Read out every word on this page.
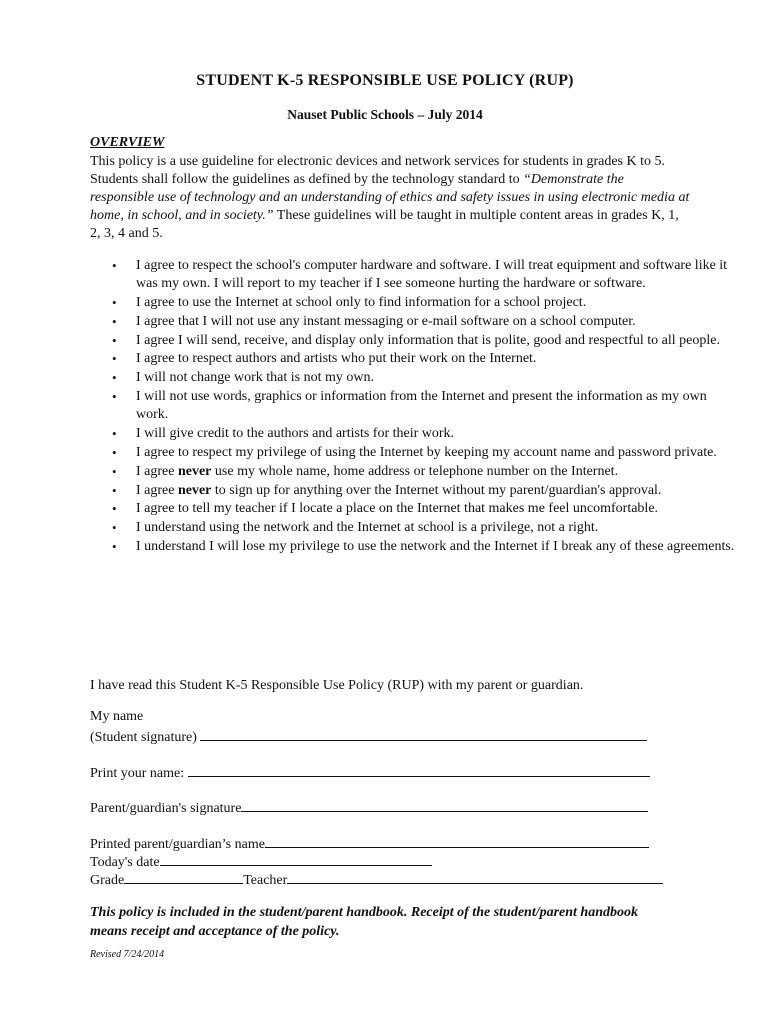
STUDENT K-5 RESPONSIBLE USE POLICY (RUP)
Nauset Public Schools – July 2014
OVERVIEW
This policy is a use guideline for electronic devices and network services for students in grades K to 5. Students shall follow the guidelines as defined by the technology standard to “Demonstrate the responsible use of technology and an understanding of ethics and safety issues in using electronic media at home, in school, and in society.” These guidelines will be taught in multiple content areas in grades K, 1, 2, 3, 4 and 5.
• I agree to respect the school's computer hardware and software. I will treat equipment and software like it was my own. I will report to my teacher if I see someone hurting the hardware or software.
• I agree to use the Internet at school only to find information for a school project.
• I agree that I will not use any instant messaging or e-mail software on a school computer.
• I agree I will send, receive, and display only information that is polite, good and respectful to all people.
• I agree to respect authors and artists who put their work on the Internet.
• I will not change work that is not my own.
• I will not use words, graphics or information from the Internet and present the information as my own work.
• I will give credit to the authors and artists for their work.
• I agree to respect my privilege of using the Internet by keeping my account name and password private.
• I agree never use my whole name, home address or telephone number on the Internet.
• I agree never to sign up for anything over the Internet without my parent/guardian's approval.
• I agree to tell my teacher if I locate a place on the Internet that makes me feel uncomfortable.
• I understand using the network and the Internet at school is a privilege, not a right.
• I understand I will lose my privilege to use the network and the Internet if I break any of these agreements.
I have read this Student K-5 Responsible Use Policy (RUP) with my parent or guardian.
My name
(Student signature)
Print your name:
Parent/guardian's signature
Printed parent/guardian’s name
Today's date
Grade	Teacher
This policy is included in the student/parent handbook. Receipt of the student/parent handbook means receipt and acceptance of the policy.
Revised 7/24/2014
